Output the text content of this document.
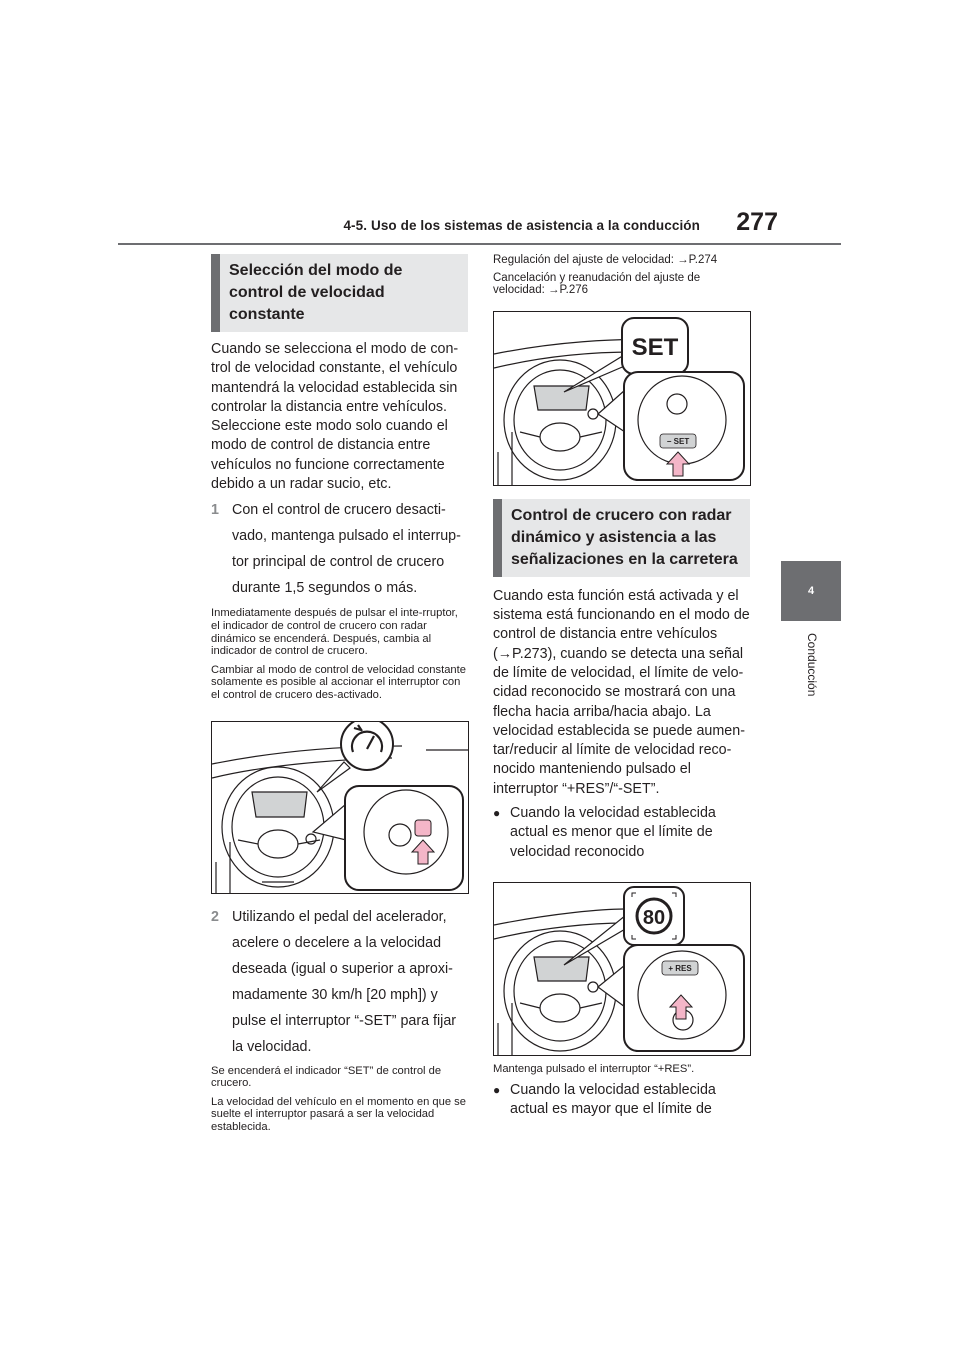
4-5. Uso de los sistemas de asistencia a la conducción	277
4
Conducción
Selección del modo de control de velocidad constante

Cuando se selecciona el modo de con-trol de velocidad constante, el vehículo mantendrá la velocidad establecida sin controlar la distancia entre vehículos. Seleccione este modo solo cuando el modo de control de distancia entre vehículos no funcione correctamente debido a un radar sucio, etc.

1 Con el control de crucero desacti-vado, mantenga pulsado el interrup-tor principal de control de crucero durante 1,5 segundos o más.

Inmediatamente después de pulsar el inte-rruptor, el indicador de control de crucero con radar dinámico se encenderá. Después, cambia al indicador de control de crucero.

Cambiar al modo de control de velocidad constante solamente es posible al accionar el interruptor con el control de crucero des-activado.

2 Utilizando el pedal del acelerador, acelere o decelere a la velocidad deseada (igual o superior a aproxi-madamente 30 km/h [20 mph]) y pulse el interruptor “-SET” para fijar la velocidad.

Se encenderá el indicador “SET” de control de crucero.

La velocidad del vehículo en el momento en que se suelte el interruptor pasará a ser la velocidad establecida.

Regulación del ajuste de velocidad: →P.274

Cancelación y reanudación del ajuste de velocidad: →P.276

SET
− SET
Control de crucero con radar dinámico y asistencia a las señalizaciones en la carretera

Cuando esta función está activada y el sistema está funcionando en el modo de control de distancia entre vehículos (→P.273), cuando se detecta una señal de límite de velocidad, el límite de velo-cidad reconocido se mostrará con una flecha hacia arriba/hacia abajo. La velocidad establecida se puede aumen-tar/reducir al límite de velocidad reco-nocido manteniendo pulsado el interruptor “+RES”/“-SET”.

● Cuando la velocidad establecida actual es menor que el límite de velocidad reconocido
80
+ RES

Mantenga pulsado el interruptor “+RES”.

● Cuando la velocidad establecida actual es mayor que el límite de
